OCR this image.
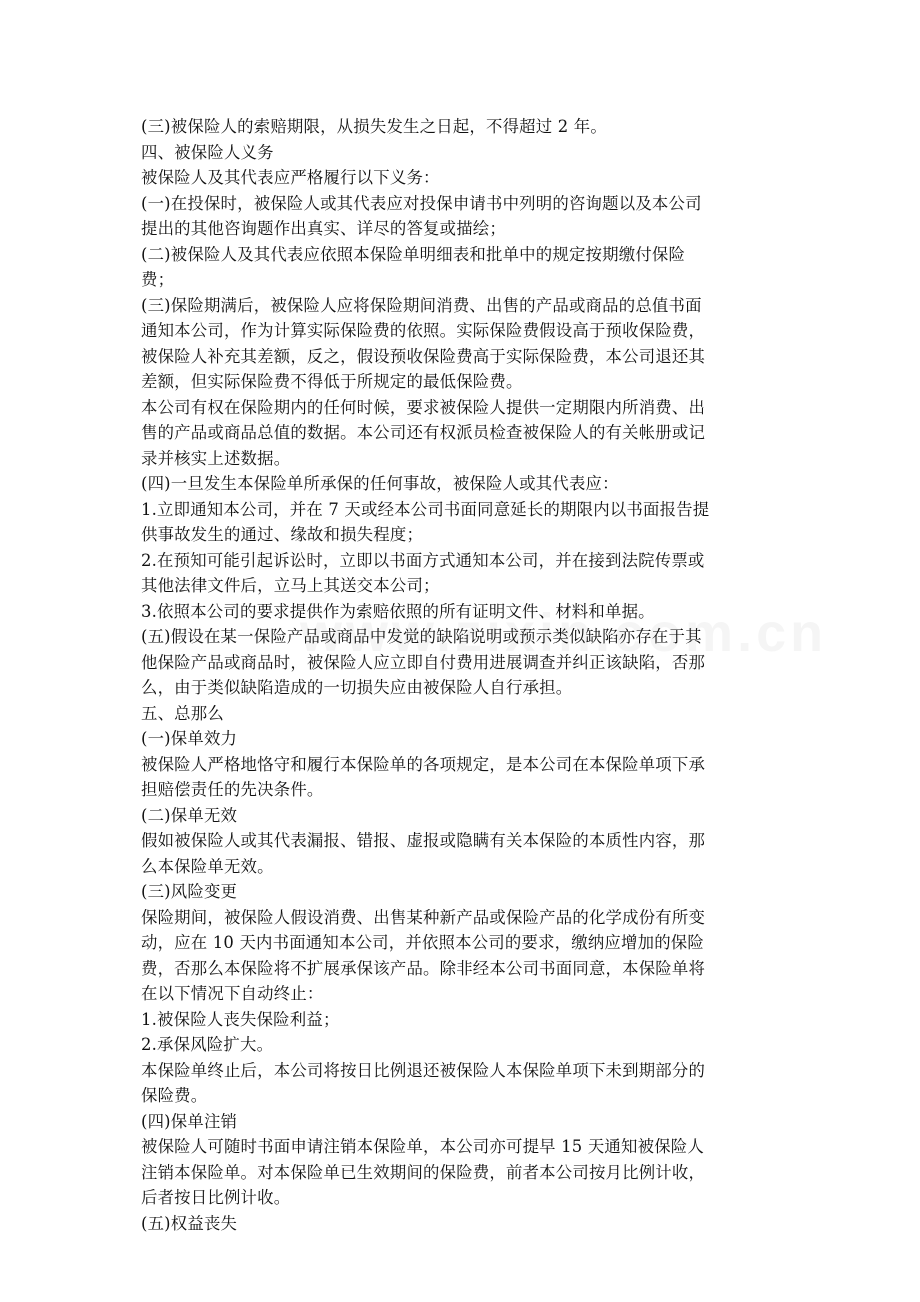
(三)被保险人的索赔期限，从损失发生之日起，不得超过 2 年。
四、被保险人义务
被保险人及其代表应严格履行以下义务：
(一)在投保时，被保险人或其代表应对投保申请书中列明的咨询题以及本公司
提出的其他咨询题作出真实、详尽的答复或描绘；
(二)被保险人及其代表应依照本保险单明细表和批单中的规定按期缴付保险
费；
(三)保险期满后，被保险人应将保险期间消费、出售的产品或商品的总值书面
通知本公司，作为计算实际保险费的依照。实际保险费假设高于预收保险费，
被保险人补充其差额，反之，假设预收保险费高于实际保险费，本公司退还其
差额，但实际保险费不得低于所规定的最低保险费。
本公司有权在保险期内的任何时候，要求被保险人提供一定期限内所消费、出
售的产品或商品总值的数据。本公司还有权派员检查被保险人的有关帐册或记
录并核实上述数据。
(四)一旦发生本保险单所承保的任何事故，被保险人或其代表应：
1.立即通知本公司，并在 7 天或经本公司书面同意延长的期限内以书面报告提
供事故发生的通过、缘故和损失程度；
2.在预知可能引起诉讼时，立即以书面方式通知本公司，并在接到法院传票或
其他法律文件后，立马上其送交本公司；
3.依照本公司的要求提供作为索赔依照的所有证明文件、材料和单据。
(五)假设在某一保险产品或商品中发觉的缺陷说明或预示类似缺陷亦存在于其
他保险产品或商品时，被保险人应立即自付费用进展调查并纠正该缺陷，否那
么，由于类似缺陷造成的一切损失应由被保险人自行承担。
五、总那么
(一)保单效力
被保险人严格地恪守和履行本保险单的各项规定，是本公司在本保险单项下承
担赔偿责任的先决条件。
(二)保单无效
假如被保险人或其代表漏报、错报、虚报或隐瞒有关本保险的本质性内容，那
么本保险单无效。
(三)风险变更
保险期间，被保险人假设消费、出售某种新产品或保险产品的化学成份有所变
动，应在 10 天内书面通知本公司，并依照本公司的要求，缴纳应增加的保险
费，否那么本保险将不扩展承保该产品。除非经本公司书面同意，本保险单将
在以下情况下自动终止：
1.被保险人丧失保险利益；
2.承保风险扩大。
本保险单终止后，本公司将按日比例退还被保险人本保险单项下未到期部分的
保险费。
(四)保单注销
被保险人可随时书面申请注销本保险单，本公司亦可提早 15 天通知被保险人
注销本保险单。对本保险单已生效期间的保险费，前者本公司按月比例计收，
后者按日比例计收。
(五)权益丧失
